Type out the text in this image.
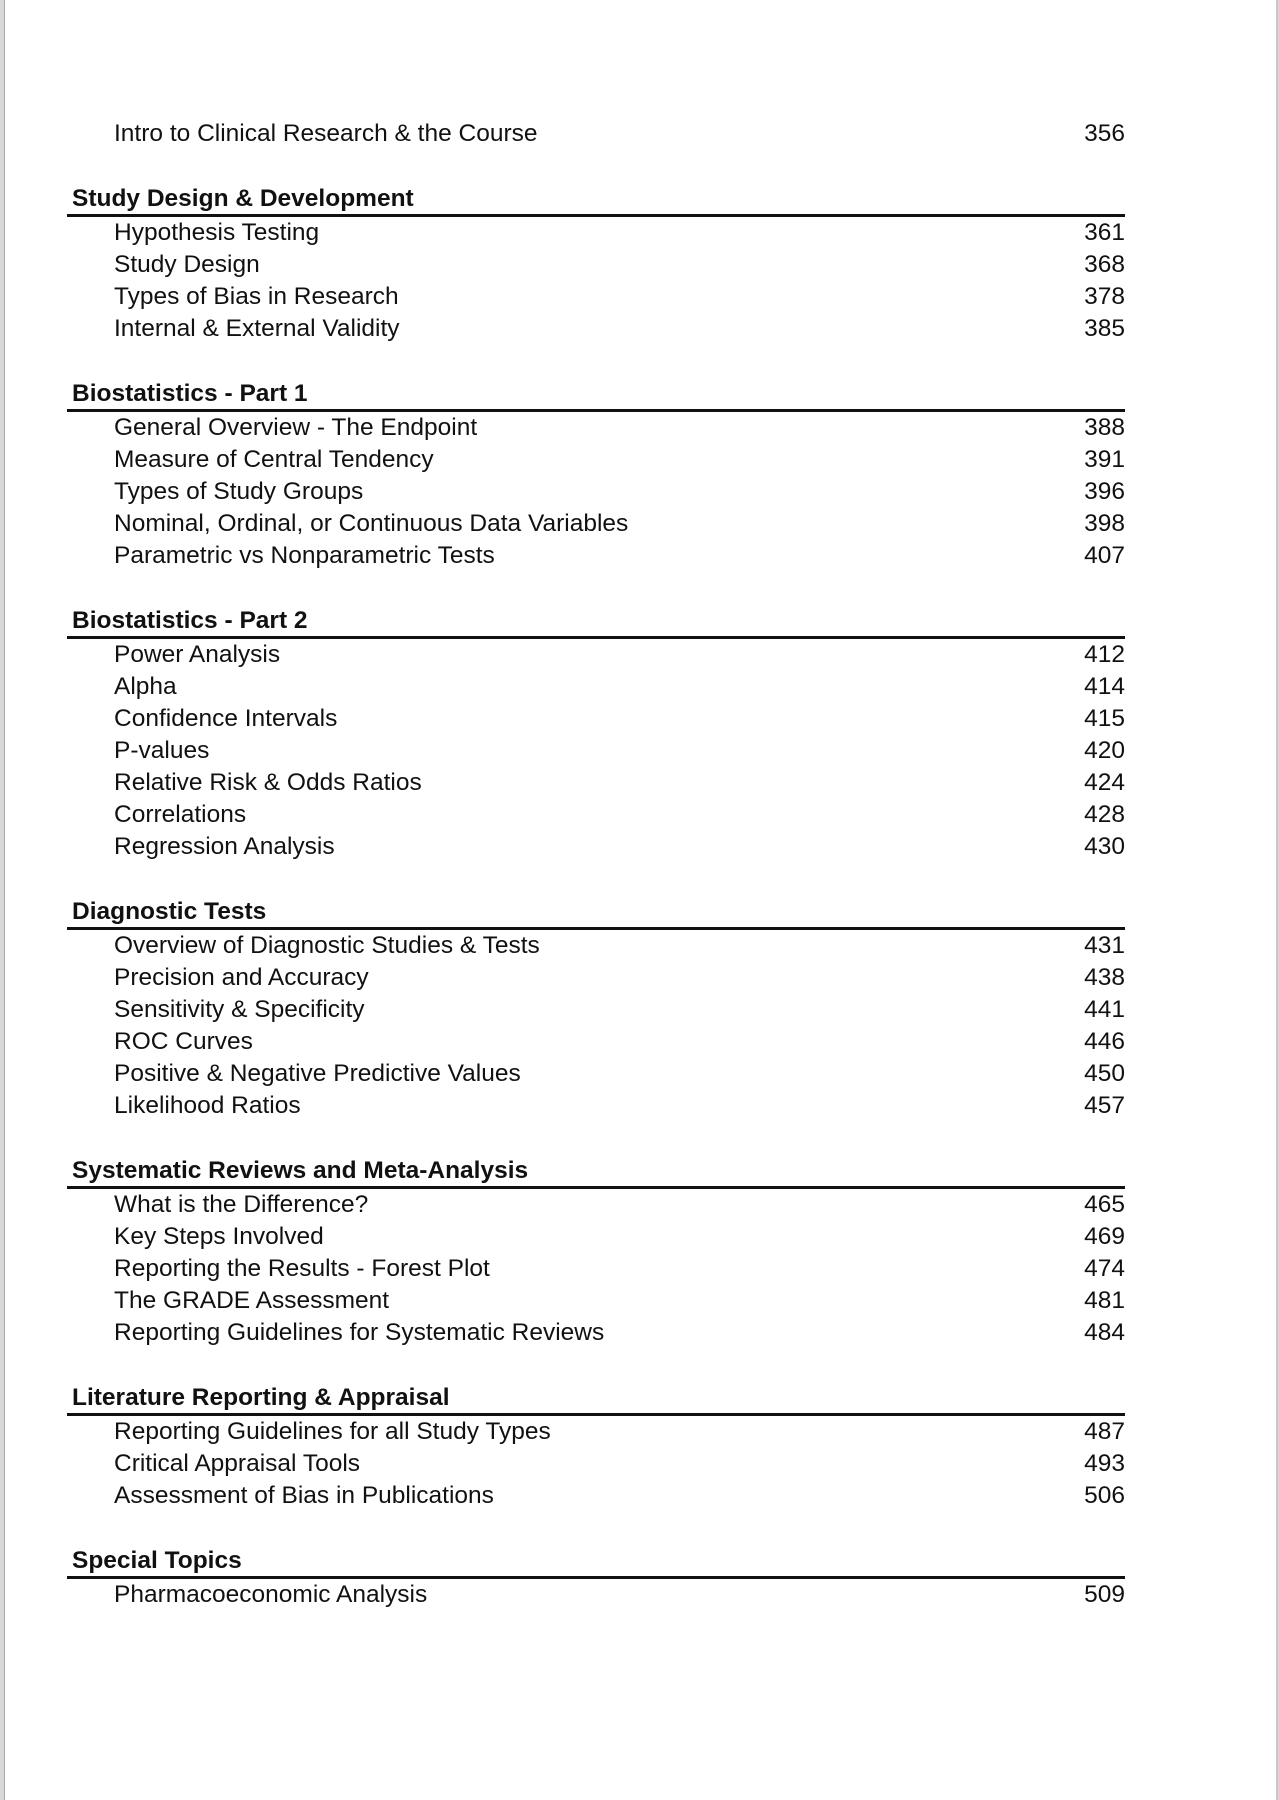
Intro to Clinical Research & the Course	356
Study Design & Development
Hypothesis Testing	361
Study Design	368
Types of Bias in Research	378
Internal & External Validity	385
Biostatistics - Part 1
General Overview - The Endpoint	388
Measure of Central Tendency	391
Types of Study Groups	396
Nominal, Ordinal, or Continuous Data Variables	398
Parametric vs Nonparametric Tests	407
Biostatistics - Part 2
Power Analysis	412
Alpha	414
Confidence Intervals	415
P-values	420
Relative Risk & Odds Ratios	424
Correlations	428
Regression Analysis	430
Diagnostic Tests
Overview of Diagnostic Studies & Tests	431
Precision and Accuracy	438
Sensitivity & Specificity	441
ROC Curves	446
Positive & Negative Predictive Values	450
Likelihood Ratios	457
Systematic Reviews and Meta-Analysis
What is the Difference?	465
Key Steps Involved	469
Reporting the Results - Forest Plot	474
The GRADE Assessment	481
Reporting Guidelines for Systematic Reviews	484
Literature Reporting & Appraisal
Reporting Guidelines for all Study Types	487
Critical Appraisal Tools	493
Assessment of Bias in Publications	506
Special Topics
Pharmacoeconomic Analysis	509
